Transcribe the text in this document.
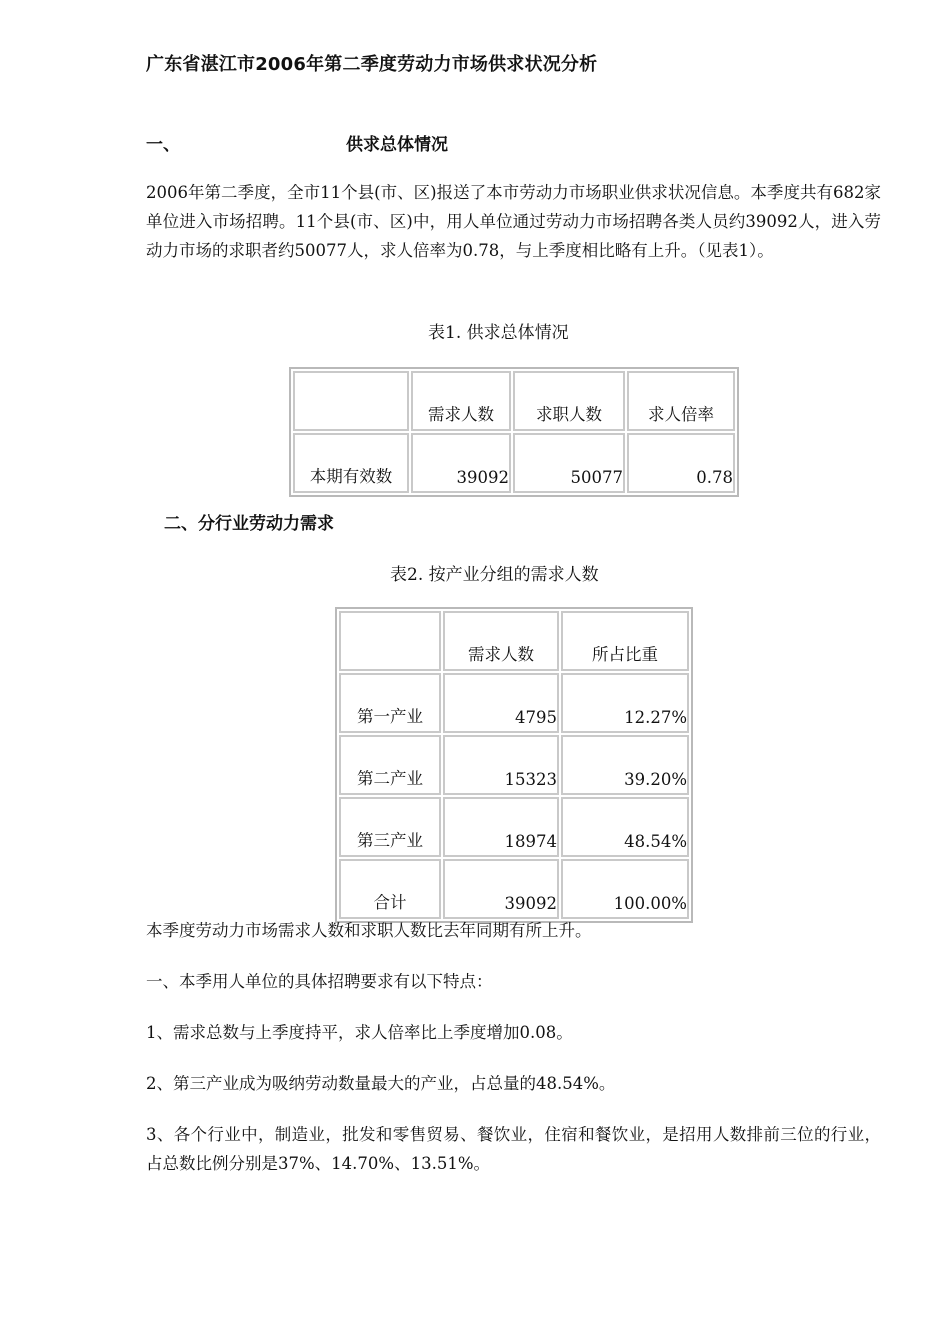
广东省湛江市2006年第二季度劳动力市场供求状况分析
一、	供求总体情况
2006年第二季度，全市11个县(市、区)报送了本市劳动力市场职业供求状况信息。本季度共有682家单位进入市场招聘。11个县(市、区)中，用人单位通过劳动力市场招聘各类人员约39092人，进入劳动力市场的求职者约50077人，求人倍率为0.78，与上季度相比略有上升。（见表1）。
表1. 供求总体情况
	需求人数	求职人数	求人倍率
本期有效数	39092	50077	0.78
二、分行业劳动力需求
表2. 按产业分组的需求人数
	需求人数	所占比重
第一产业	4795	12.27%
第二产业	15323	39.20%
第三产业	18974	48.54%
合计	39092	100.00%
本季度劳动力市场需求人数和求职人数比去年同期有所上升。
一、本季用人单位的具体招聘要求有以下特点：
1、需求总数与上季度持平，求人倍率比上季度增加0.08。
2、第三产业成为吸纳劳动数量最大的产业，占总量的48.54%。
3、各个行业中，制造业，批发和零售贸易、餐饮业，住宿和餐饮业，是招用人数排前三位的行业，占总数比例分别是37%、14.70%、13.51%。
